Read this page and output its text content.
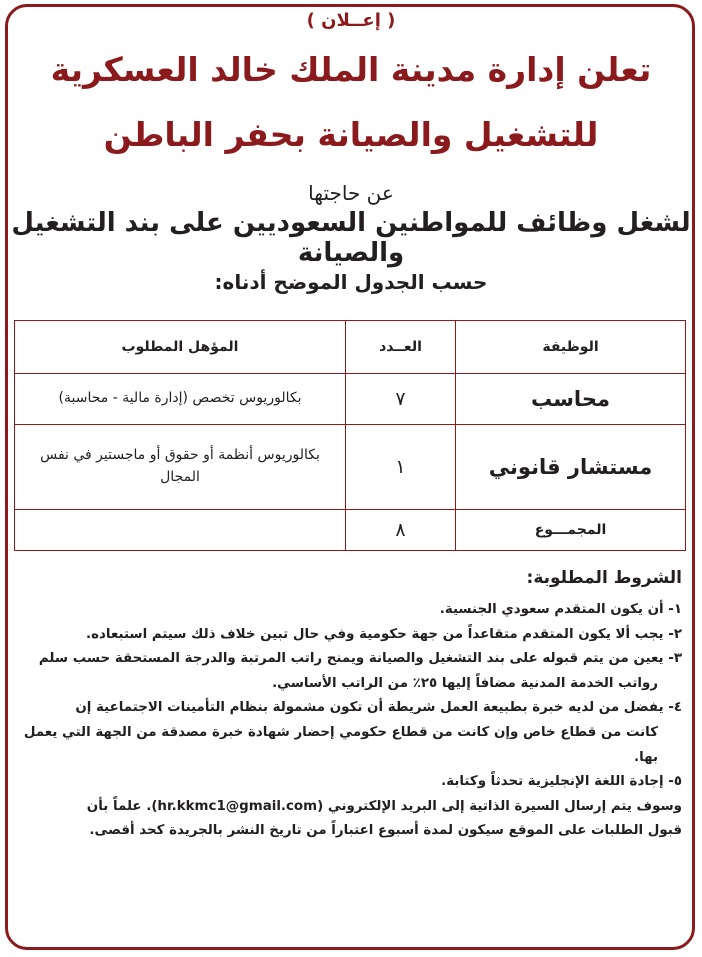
( إعــلان )
تعلن إدارة مدينة الملك خالد العسكرية
للتشغيل والصيانة بحفر الباطن
عن حاجتها
لشغل وظائف للمواطنين السعوديين على بند التشغيل والصيانة
حسب الجدول الموضح أدناه:
الوظيفة	العــدد	المؤهل المطلوب
محاسب	٧	بكالوريوس تخصص (إدارة مالية - محاسبة)
مستشار قانوني	١	بكالوريوس أنظمة أو حقوق أو ماجستير في نفس المجال
المجمـــوع	٨	
الشروط المطلوبة:

١- أن يكون المتقدم سعودي الجنسية.

٢- يجب ألا يكون المتقدم متقاعداً من جهة حكومية وفي حال تبين خلاف ذلك سيتم استبعاده.

٣- يعين من يتم قبوله على بند التشغيل والصيانة ويمنح راتب المرتبة والدرجة المستحقة حسب سلم

رواتب الخدمة المدنية مضافاً إليها ٢٥٪ من الراتب الأساسي.

٤- يفضل من لديه خبرة بطبيعة العمل شريطة أن تكون مشمولة بنظام التأمينات الاجتماعية إن

كانت من قطاع خاص وإن كانت من قطاع حكومي إحضار شهادة خبرة مصدقة من الجهة التي يعمل

بها.

٥- إجادة اللغة الإنجليزية تحدثاً وكتابة.

وسوف يتم إرسال السيرة الذاتية إلى البريد الإلكتروني (hr.kkmc1@gmail.com). علماً بأن

قبول الطلبات على الموقع سيكون لمدة أسبوع اعتباراً من تاريخ النشر بالجريدة كحد أقصى.
